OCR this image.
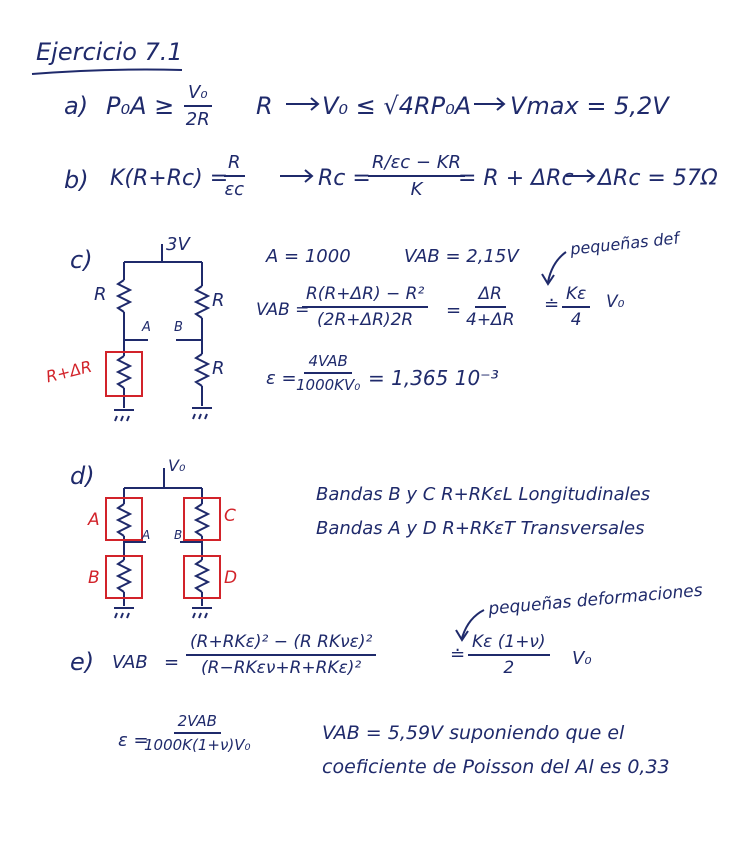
Ejercicio 7.1
a) $P_0A \ge \frac{\text{V₀}}{2R}$ R V₀ ≤ √4RP₀A Vmax = 5,2V
b) K(R+Rc) =
$\frac{R}{\varepsilon c}$	Rc =
$\frac{R/\varepsilon c - KR}{K}$
= R + ΔRc ΔRc = 57Ω
c)
3V
R	R
R
A B
R+ΔR
A = 1000	VAB = 2,15V	pequeñas def
VAB =
$\frac{\text{R(R+ΔR) − R²}}{(2R+\Delta R)2R} = \frac{\Delta R}{4+\Delta R}$ ≐ $\frac{K\varepsilon}{4} V_0$
ε =
4VAB
1000KV₀ = 1,365 10⁻³
d)	V₀
A
B
C
D
A B
Bandas B y C R+RKεL Longitudinales
Bandas A y D R+RKεT Transversales
e) VAB =
(R+RKε)² − (R RKνε)²
(R−RKεν+R+RKε)²
≐
pequeñas deformaciones
$\frac{K\varepsilon (1+\nu)}{2} V_0$
ε =
2VAB
1000K(1+ν)V₀
VAB = 5,59V suponiendo que el
coeficiente de Poisson del Al es 0,33
